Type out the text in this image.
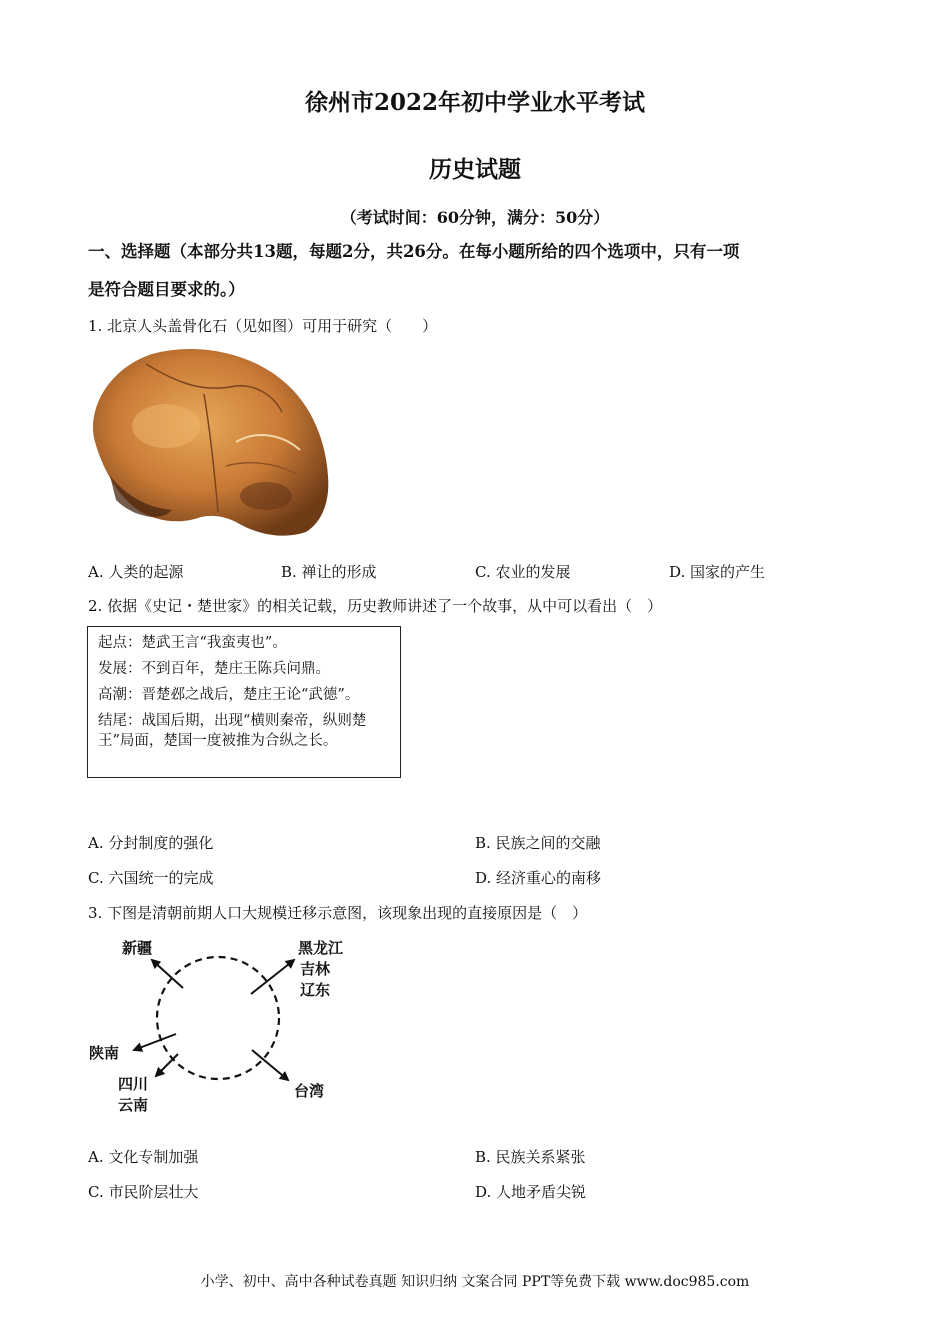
徐州市2022年初中学业水平考试
历史试题
（考试时间：60分钟，满分：50分）
一、选择题（本部分共13题，每题2分，共26分。在每小题所给的四个选项中，只有一项
是符合题目要求的。）
1. 北京人头盖骨化石（见如图）可用于研究（　　）
A. 人类的起源	B. 禅让的形成	C. 农业的发展	D. 国家的产生
2. 依据《史记・楚世家》的相关记载，历史教师讲述了一个故事，从中可以看出（　）

起点：楚武王言“我蛮夷也”。

发展：不到百年，楚庄王陈兵问鼎。

高潮：晋楚邲之战后，楚庄王论“武德”。

结尾：战国后期，出现“横则秦帝，纵则楚王”局面，楚国一度被推为合纵之长。

A. 分封制度的强化	B. 民族之间的交融
C. 六国统一的完成	D. 经济重心的南移
3. 下图是清朝前期人口大规模迁移示意图，该现象出现的直接原因是（　）
新疆	黑龙江
吉林
辽东
陕南
四川
云南
台湾
A. 文化专制加强	B. 民族关系紧张
C. 市民阶层壮大	D. 人地矛盾尖锐
小学、初中、高中各种试卷真题 知识归纳 文案合同 PPT等免费下载 www.doc985.com
